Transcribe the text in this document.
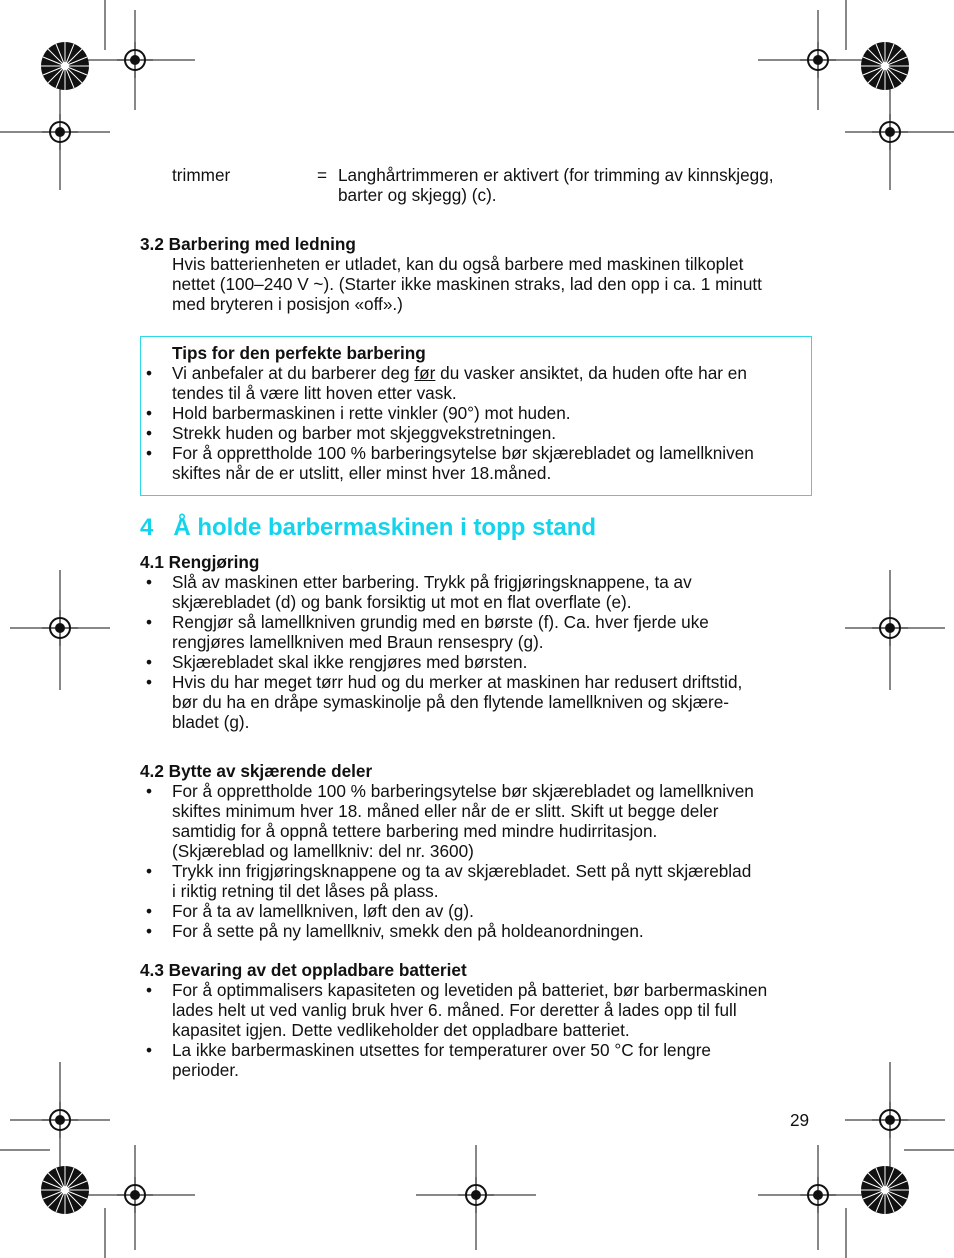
trimmer	= Langhårtrimmeren er aktivert (for trimming av kinnskjegg,
barter og skjegg) (c).
3.2 Barbering med ledning
Hvis batterienheten er utladet, kan du også barbere med maskinen tilkoplet
nettet (100–240 V ~). (Starter ikke maskinen straks, lad den opp i ca. 1 minutt
med bryteren i posisjon «off».)
Tips for den perfekte barbering
• Vi anbefaler at du barberer deg før du vasker ansiktet, da huden ofte har en
tendes til å være litt hoven etter vask.
• Hold barbermaskinen i rette vinkler (90°) mot huden.
• Strekk huden og barber mot skjeggvekstretningen.
• For å opprettholde 100 % barberingsytelse bør skjærebladet og lamellkniven
skiftes når de er utslitt, eller minst hver 18.måned.
4   Å holde barbermaskinen i topp stand
4.1 Rengjøring
• Slå av maskinen etter barbering. Trykk på frigjøringsknappene, ta av
skjærebladet (d) og bank forsiktig ut mot en flat overflate (e).
• Rengjør så lamellkniven grundig med en børste (f). Ca. hver fjerde uke
rengjøres lamellkniven med Braun rensespry (g).
• Skjærebladet skal ikke rengjøres med børsten.
• Hvis du har meget tørr hud og du merker at maskinen har redusert driftstid,
bør du ha en dråpe symaskinolje på den flytende lamellkniven og skjære-
bladet (g).
4.2 Bytte av skjærende deler
• For å opprettholde 100 % barberingsytelse bør skjærebladet og lamellkniven
skiftes minimum hver 18. måned eller når de er slitt. Skift ut begge deler
samtidig for å oppnå tettere barbering med mindre hudirritasjon.
(Skjæreblad og lamellkniv: del nr. 3600)
• Trykk inn frigjøringsknappene og ta av skjærebladet. Sett på nytt skjæreblad
i riktig retning til det låses på plass.
• For å ta av lamellkniven, løft den av (g).
• For å sette på ny lamellkniv, smekk den på holdeanordningen.
4.3 Bevaring av det oppladbare batteriet
• For å optimmalisers kapasiteten og levetiden på batteriet, bør barbermaskinen
lades helt ut ved vanlig bruk hver 6. måned. For deretter å lades opp til full
kapasitet igjen. Dette vedlikeholder det oppladbare batteriet.
• La ikke barbermaskinen utsettes for temperaturer over 50 °C for lengre
perioder.
29
